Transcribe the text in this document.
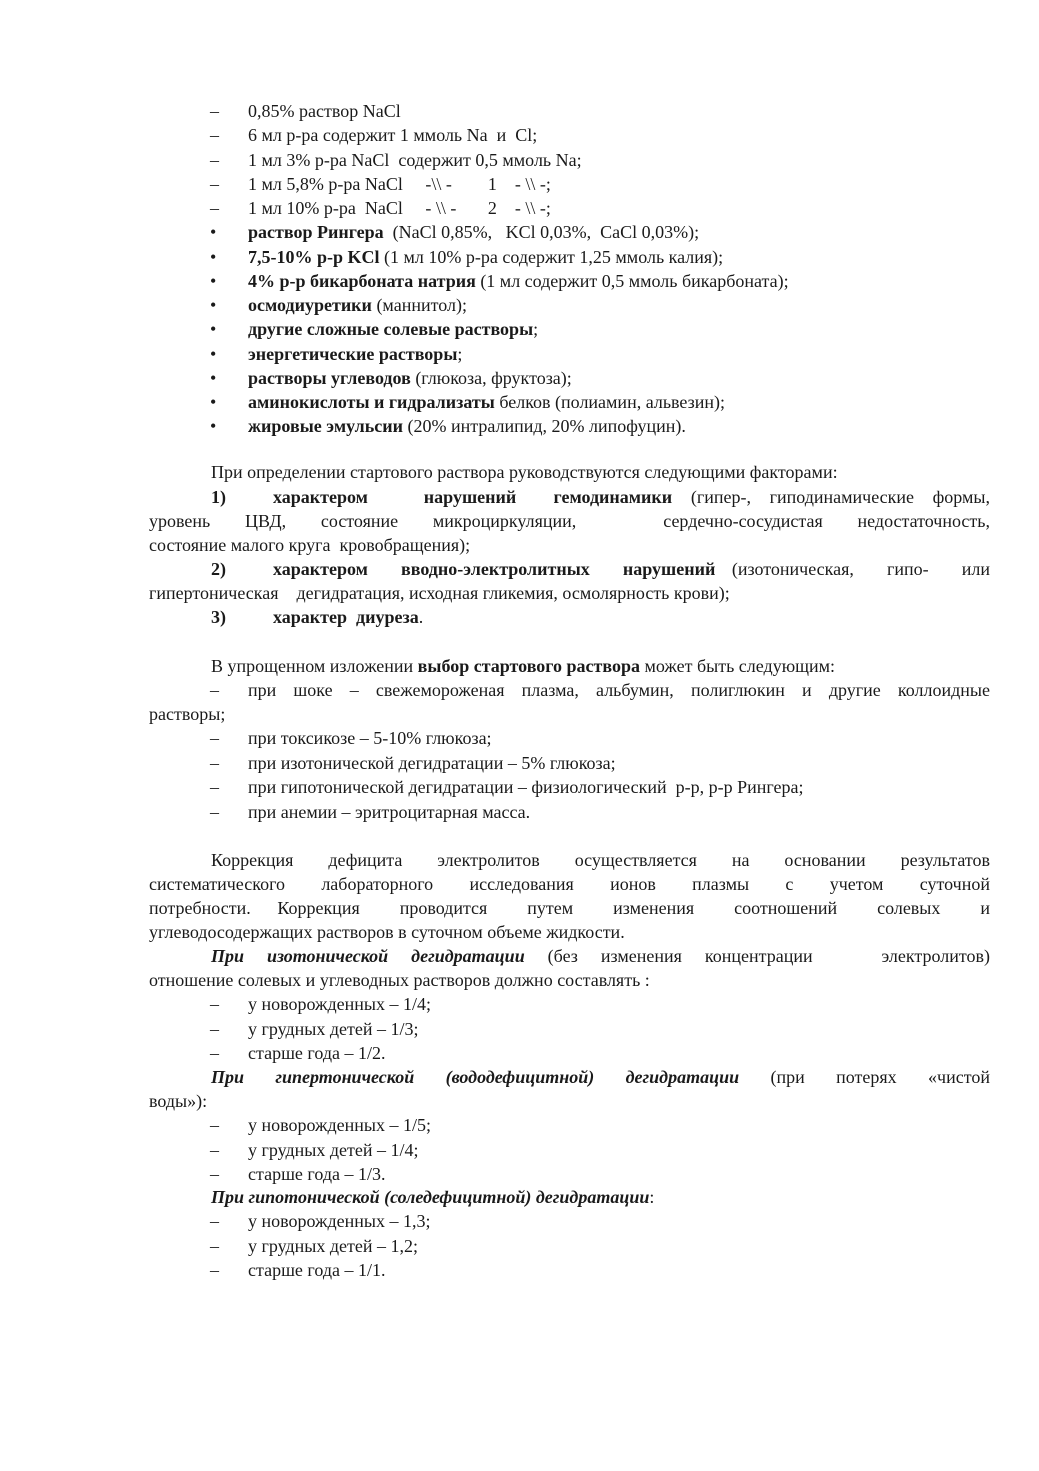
–	0,85% раствор NaCl
–	6 мл р-ра содержит 1 ммоль Na  и  Cl;
–	1 мл 3% р-ра NaCl  содержит 0,5 ммоль Na;
–	1 мл 5,8% р-ра NaCl     -\\ -        1    - \\ -;
–	1 мл 10% р-ра  NaCl     - \\ -       2    - \\ -;
•	раствор Рингера  (NaCl 0,85%,   KCl 0,03%,  CaCl 0,03%);
•	7,5-10% р-р KCl (1 мл 10% р-ра содержит 1,25 ммоль калия);
•	4% р-р бикарбоната натрия (1 мл содержит 0,5 ммоль бикарбоната);
•	осмодиуретики (маннитол);
•	другие сложные солевые растворы;
•	энергетические растворы;
•	растворы углеводов (глюкоза, фруктоза);
•	аминокислоты и гидрализаты белков (полиамин, альвезин);
•	жировые эмульсии (20% интралипид, 20% липофуцин).
При определении стартового раствора руководствуются следующими факторами:
1)	характером   нарушений  гемодинамики (гипер-, гиподинамические формы,
уровень  ЦВД,  состояние  микроциркуляции,     сердечно-сосудистая  недостаточность,
состояние малого круга  кровобращения);
2)	характером  вводно-электролитных  нарушений (изотоническая,  гипо-  или
гипертоническая    дегидратация, исходная гликемия, осмолярность крови);
3)	характер  диуреза.
В упрощенном изложении выбор стартового раствора может быть следующим:
–	при шоке – свежемороженая плазма, альбумин, полиглюкин и другие коллоидные
растворы;
–	при токсикозе – 5-10% глюкоза;
–	при изотонической дегидратации – 5% глюкоза;
–	при гипотонической дегидратации – физиологический  р-р, р-р Рингера;
–	при анемии – эритроцитарная масса.
Коррекция   дефицита   электролитов   осуществляется   на   основании   результатов
систематического   лабораторного   исследования   ионов   плазмы   с   учетом   суточной
потребности.  Коррекция   проводится   путем   изменения   соотношений   солевых   и
углеводосодержащих растворов в суточном объеме жидкости.
При изотонической дегидратации (без изменения концентрации   электролитов)
отношение солевых и углеводных растворов должно составлять :
–	у новорожденных – 1/4;
–	у грудных детей – 1/3;
–	старше года – 1/2.
При гипертонической (вододефицитной) дегидратации (при потерях «чистой
воды»):
–	у новорожденных – 1/5;
–	у грудных детей – 1/4;
–	старше года – 1/3.
При гипотонической (соледефицитной) дегидратации:
–	у новорожденных – 1,3;
–	у грудных детей – 1,2;
–	старше года – 1/1.
